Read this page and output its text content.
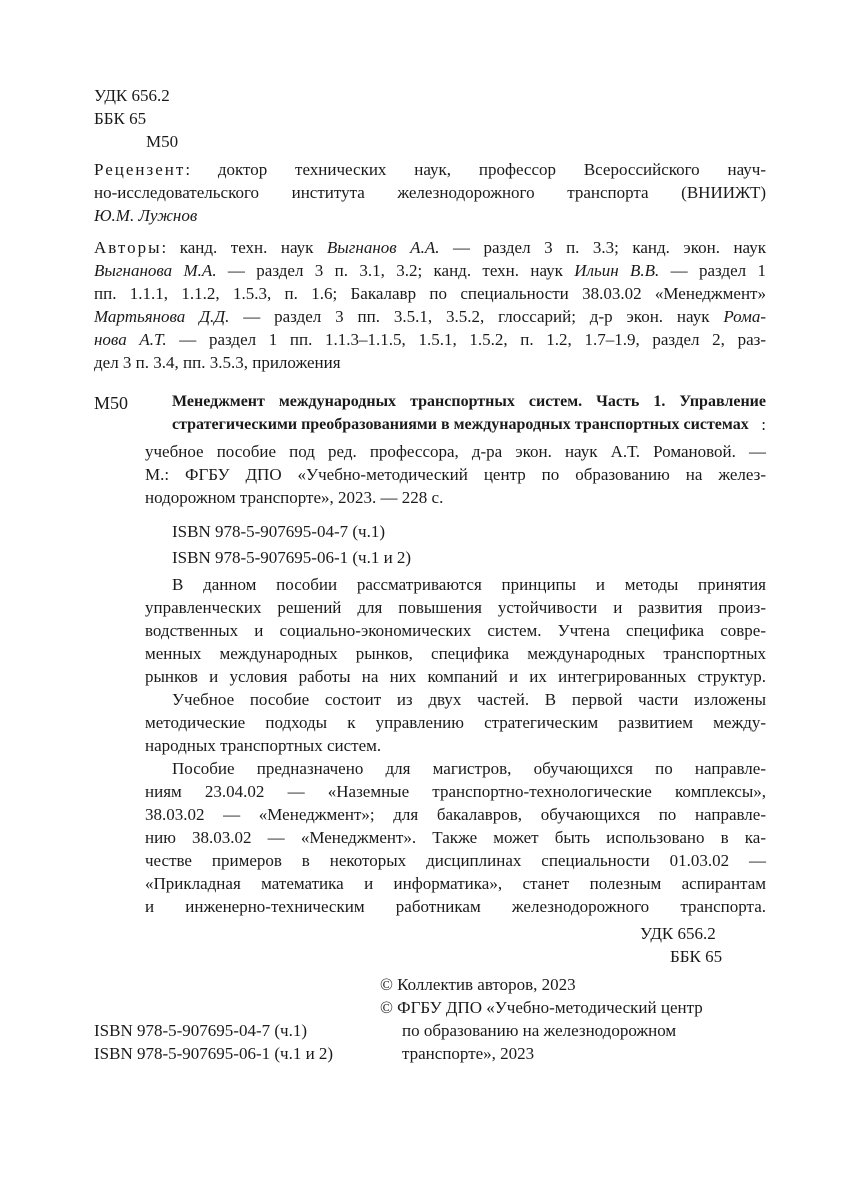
УДК 656.2
ББК 65
М50
Рецензент: доктор технических наук, профессор Всероссийского науч-
но-исследовательского института железнодорожного транспорта (ВНИИЖТ)
Ю.М. Лужнов
Авторы: канд. техн. наук Выгнанов А.А. — раздел 3 п. 3.3; канд. экон. наук
Выгнанова М.А. — раздел 3 п. 3.1, 3.2; канд. техн. наук Ильин В.В. — раздел 1
пп. 1.1.1, 1.1.2, 1.5.3, п. 1.6; Бакалавр по специальности 38.03.02 «Менеджмент»
Мартьянова Д.Д. — раздел 3 пп. 3.5.1, 3.5.2, глоссарий; д-р экон. наук Рома-
нова А.Т. — раздел 1 пп. 1.1.3–1.1.5, 1.5.1, 1.5.2, п. 1.2, 1.7–1.9, раздел 2, раз-
дел 3 п. 3.4, пп. 3.5.3, приложения
М50	Менеджмент международных транспортных систем. Часть 1. Управление
стратегическими преобразованиями в международных транспортных системах :
учебное пособие под ред. профессора, д-ра экон. наук А.Т. Романовой. —
М.: ФГБУ ДПО «Учебно-методический центр по образованию на желез-
нодорожном транспорте», 2023. — 228 с.
ISBN 978-5-907695-04-7 (ч.1)
ISBN 978-5-907695-06-1 (ч.1 и 2)
В данном пособии рассматриваются принципы и методы принятия
управленческих решений для повышения устойчивости и развития произ-
водственных и социально-экономических систем. Учтена специфика совре-
менных международных рынков, специфика международных транспортных
рынков и условия работы на них компаний и их интегрированных структур.
Учебное пособие состоит из двух частей. В первой части изложены
методические подходы к управлению стратегическим развитием между-
народных транспортных систем.
Пособие предназначено для магистров, обучающихся по направле-
ниям 23.04.02 — «Наземные транспортно-технологические комплексы»,
38.03.02 — «Менеджмент»; для бакалавров, обучающихся по направле-
нию 38.03.02 — «Менеджмент». Также может быть использовано в ка-
честве примеров в некоторых дисциплинах специальности 01.03.02 —
«Прикладная математика и информатика», станет полезным аспирантам
и инженерно-техническим работникам железнодорожного транспорта.
УДК 656.2
ББК 65
© Коллектив авторов, 2023
© ФГБУ ДПО «Учебно-методический центр
по образованию на железнодорожном
транспорте», 2023
ISBN 978-5-907695-04-7 (ч.1)
ISBN 978-5-907695-06-1 (ч.1 и 2)
